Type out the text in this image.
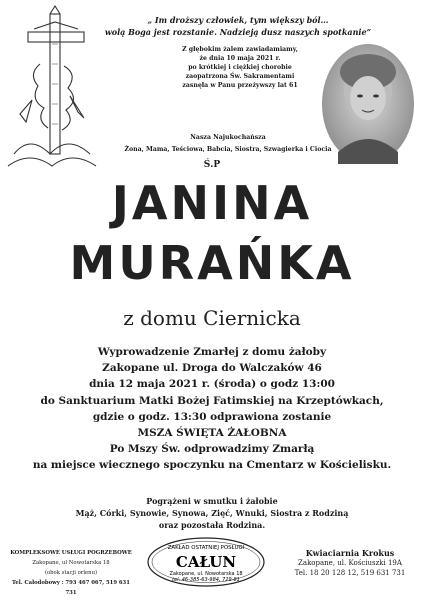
„ Im droższy człowiek, tym większy ból…
wolą Boga jest rozstanie. Nadzieją dusz naszych spotkanie”
Z głębokim żalem zawiadamiamy,
że dnia 10 maja 2021 r.
po krótkiej i ciężkiej chorobie
zaopatrzona Św. Sakramentami
zasnęła w Panu przeżywszy lat 61
Nasza Najukochańsza
Żona, Mama, Teściowa, Babcia, Siostra, Szwagierka i Ciocia
Ś.P
JANINA
MURAŃKA
z domu Ciernicka
Wyprowadzenie Zmarłej z domu żałoby
Zakopane ul. Droga do Walczaków 46
dnia 12 maja 2021 r. (środa) o godz 13:00
do Sanktuarium Matki Bożej Fatimskiej na Krzeptówkach,
gdzie o godz. 13:30 odprawiona zostanie
MSZA ŚWIĘTA ŻAŁOBNA
Po Mszy Św. odprowadzimy Zmarłą
na miejsce wiecznego spoczynku na Cmentarz w Kościelisku.
Pogrążeni w smutku i żałobie
Mąż, Córki, Synowie, Synowa, Zięć, Wnuki, Siostra z Rodziną
oraz pozostała Rodzina.
KOMPLEKSOWE USŁUGI POGRZEBOWE
Zakopane, ul Nowotarska 18
(obok stacji orlenu)
Tel. Całodobowy : 793 467 067, 519 631 731
ZAKŁAD OSTATNIEJ POSŁUGI
CAŁUN
Zakopane, ul. Nowotarska 18
tel. 46-385-63-984, 729-81
Kwiaciarnia Krokus
Zakopane, ul. Kościuszki 19A
Tel. 18 20 128 12, 519 631 731
